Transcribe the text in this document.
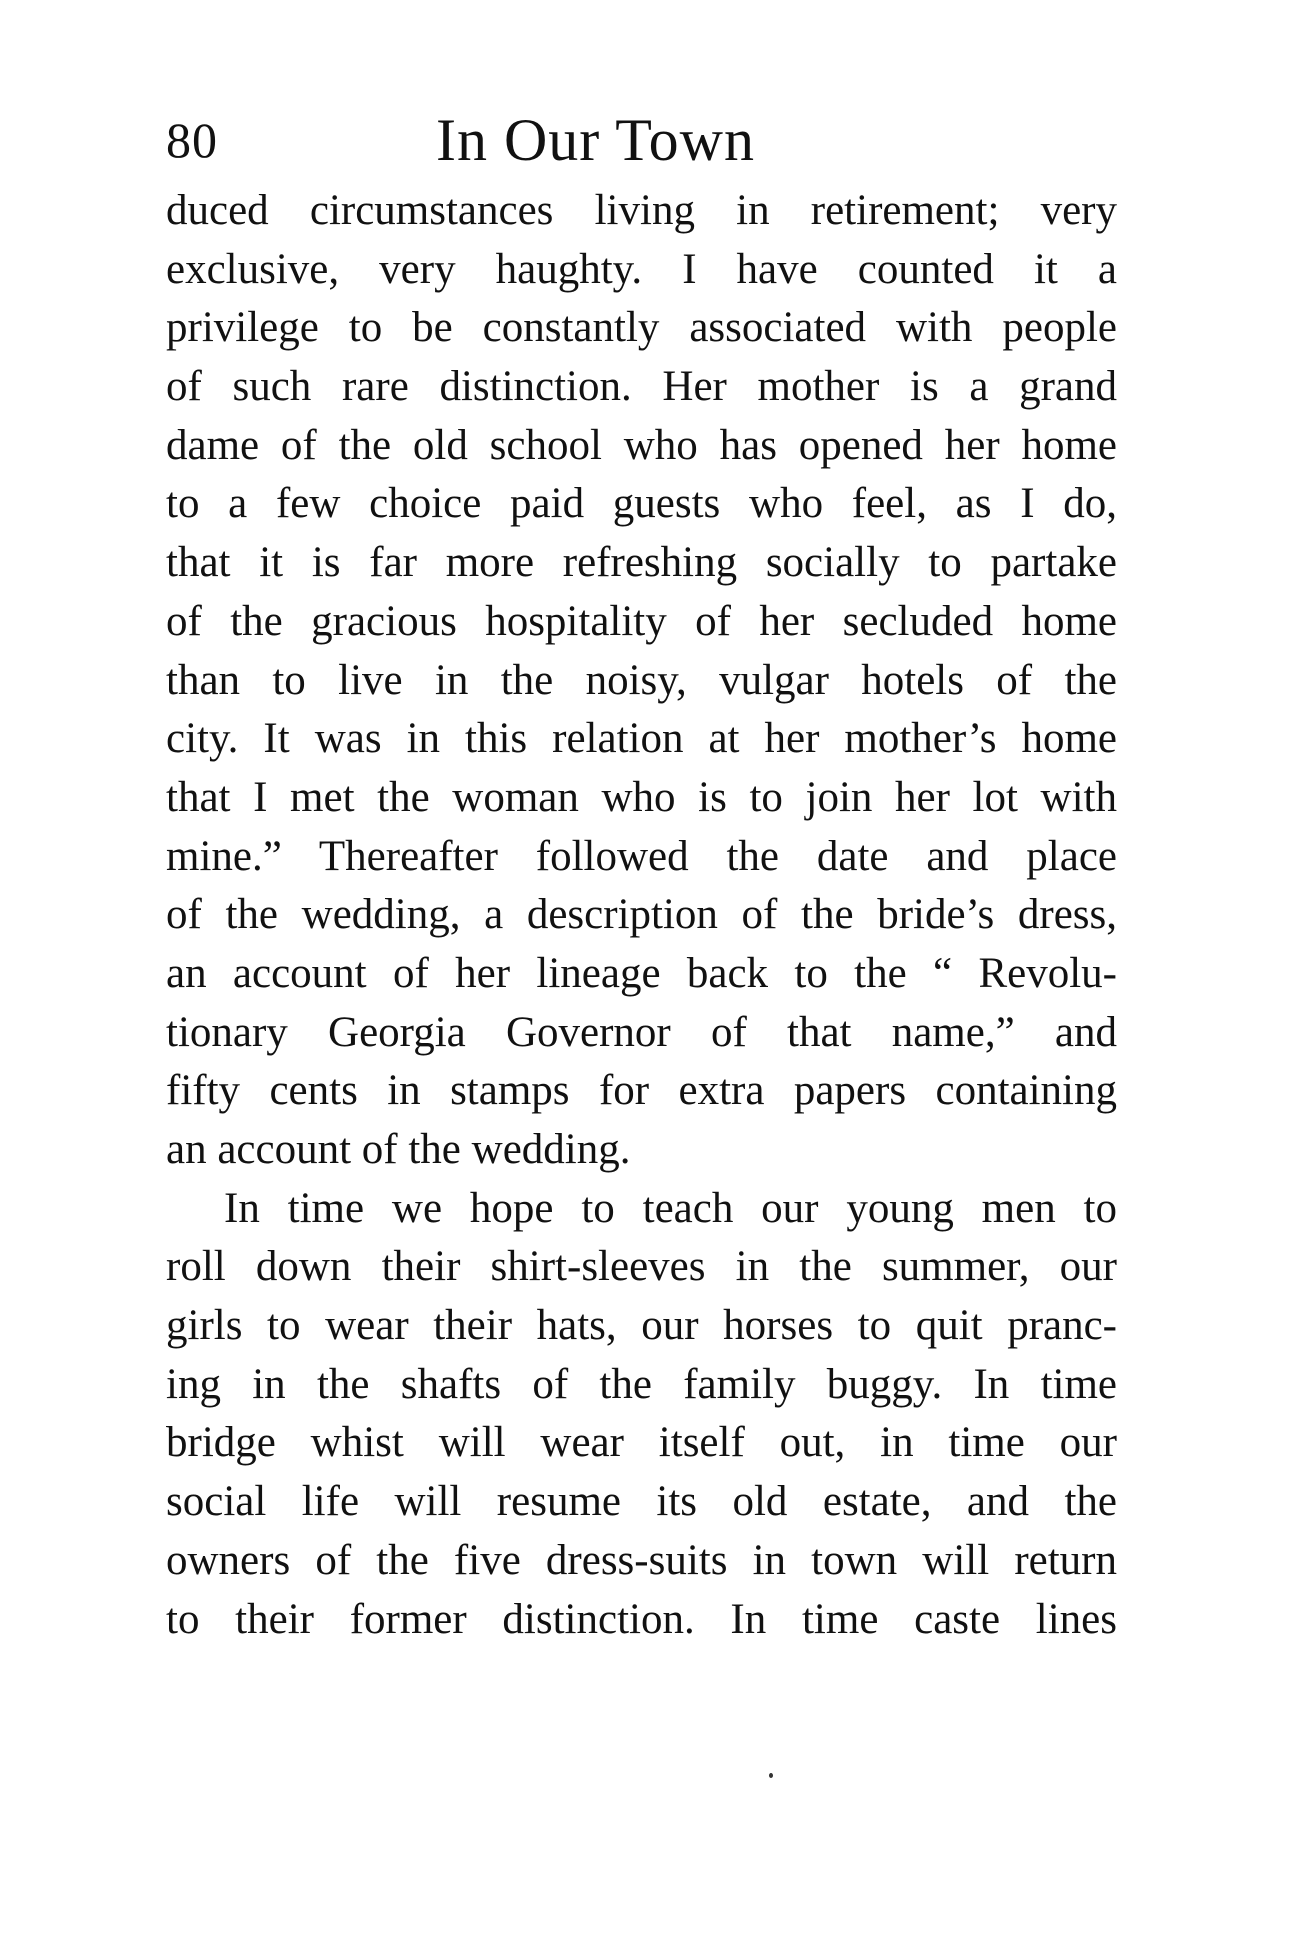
80	In Our Town
duced circumstances living in retirement; very
exclusive, very haughty. I have counted it a
privilege to be constantly associated with people
of such rare distinction. Her mother is a grand
dame of the old school who has opened her home
to a few choice paid guests who feel, as I do,
that it is far more refreshing socially to partake
of the gracious hospitality of her secluded home
than to live in the noisy, vulgar hotels of the
city. It was in this relation at her mother’s home
that I met the woman who is to join her lot with
mine.” Thereafter followed the date and place
of the wedding, a description of the bride’s dress,
an account of her lineage back to the “ Revolu-
tionary Georgia Governor of that name,” and
fifty cents in stamps for extra papers containing
an account of the wedding.
In time we hope to teach our young men to
roll down their shirt-sleeves in the summer, our
girls to wear their hats, our horses to quit pranc-
ing in the shafts of the family buggy. In time
bridge whist will wear itself out, in time our
social life will resume its old estate, and the
owners of the five dress-suits in town will return
to their former distinction. In time caste lines
